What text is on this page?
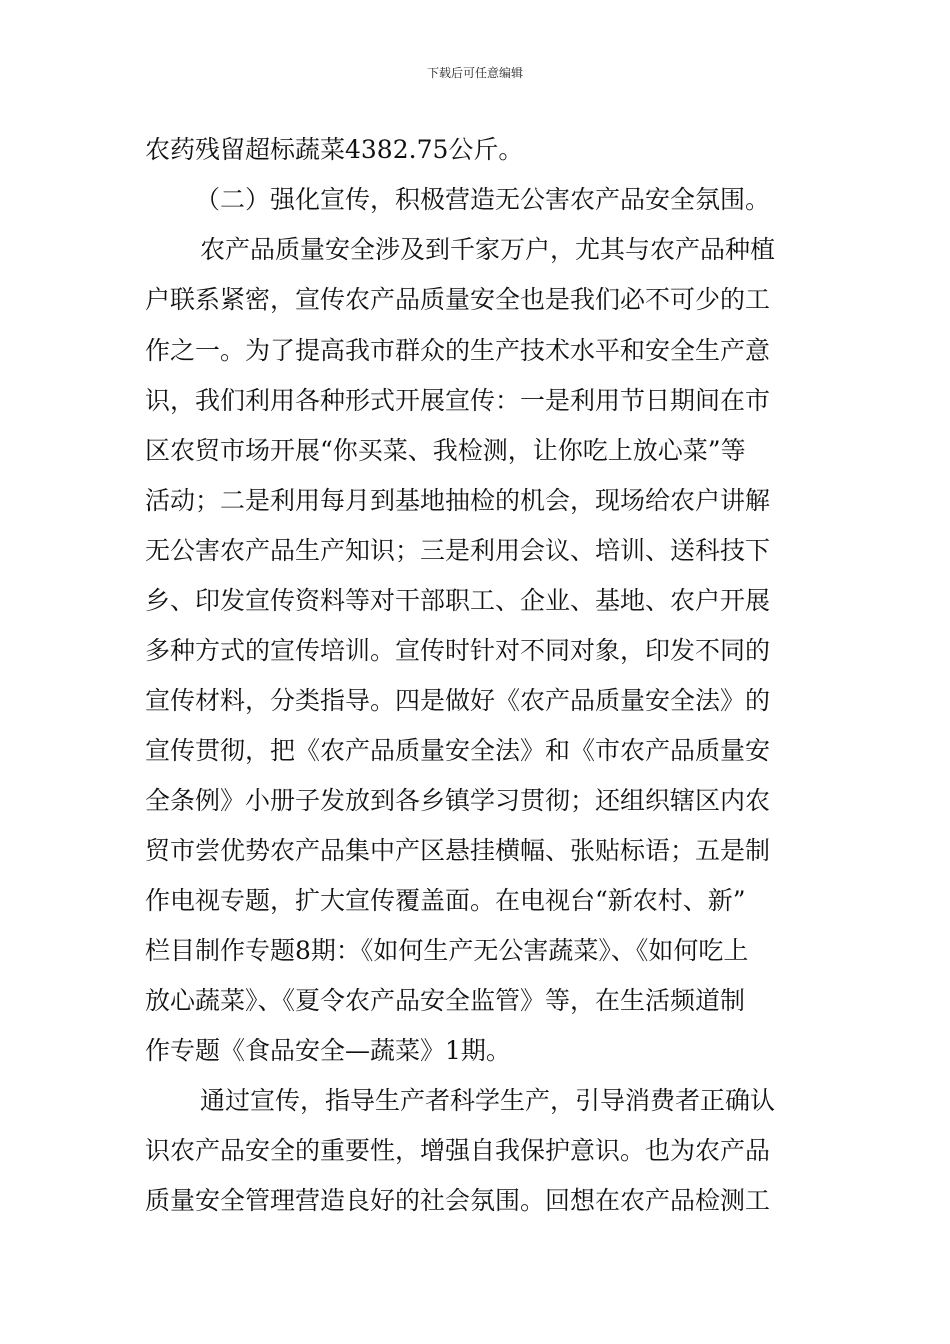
下载后可任意编辑
农药残留超标蔬菜4382.75公斤。
（二）强化宣传，积极营造无公害农产品安全氛围。
农产品质量安全涉及到千家万户，尤其与农产品种植
户联系紧密，宣传农产品质量安全也是我们必不可少的工
作之一。为了提高我市群众的生产技术水平和安全生产意
识，我们利用各种形式开展宣传：一是利用节日期间在市
区农贸市场开展“你买菜、我检测，让你吃上放心菜”等
活动；二是利用每月到基地抽检的机会，现场给农户讲解
无公害农产品生产知识；三是利用会议、培训、送科技下
乡、印发宣传资料等对干部职工、企业、基地、农户开展
多种方式的宣传培训。宣传时针对不同对象，印发不同的
宣传材料，分类指导。四是做好《农产品质量安全法》的
宣传贯彻，把《农产品质量安全法》和《市农产品质量安
全条例》小册子发放到各乡镇学习贯彻；还组织辖区内农
贸市尝优势农产品集中产区悬挂横幅、张贴标语；五是制
作电视专题，扩大宣传覆盖面。在电视台“新农村、新”
栏目制作专题8期：《如何生产无公害蔬菜》、《如何吃上
放心蔬菜》、《夏令农产品安全监管》等，在生活频道制
作专题《食品安全—蔬菜》1期。
通过宣传，指导生产者科学生产，引导消费者正确认
识农产品安全的重要性，增强自我保护意识。也为农产品
质量安全管理营造良好的社会氛围。回想在农产品检测工
